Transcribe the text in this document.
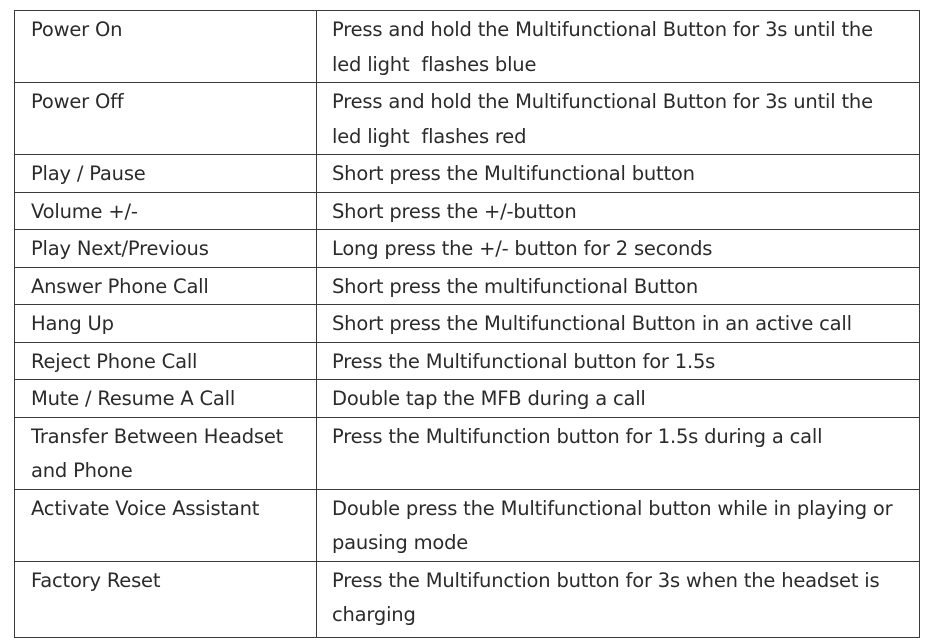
Power On	Press and hold the Multifunctional Button for 3s until the led light  flashes blue
Power Off	Press and hold the Multifunctional Button for 3s until the led light  flashes red
Play / Pause	Short press the Multifunctional button
Volume +/-	Short press the +/-button
Play Next/Previous	Long press the +/- button for 2 seconds
Answer Phone Call	Short press the multifunctional Button
Hang Up	Short press the Multifunctional Button in an active call
Reject Phone Call	Press the Multifunctional button for 1.5s
Mute / Resume A Call	Double tap the MFB during a call
Transfer Between Headset and Phone	Press the Multifunction button for 1.5s during a call
Activate Voice Assistant	Double press the Multifunctional button while in playing or pausing mode
Factory Reset	Press the Multifunction button for 3s when the headset is charging
